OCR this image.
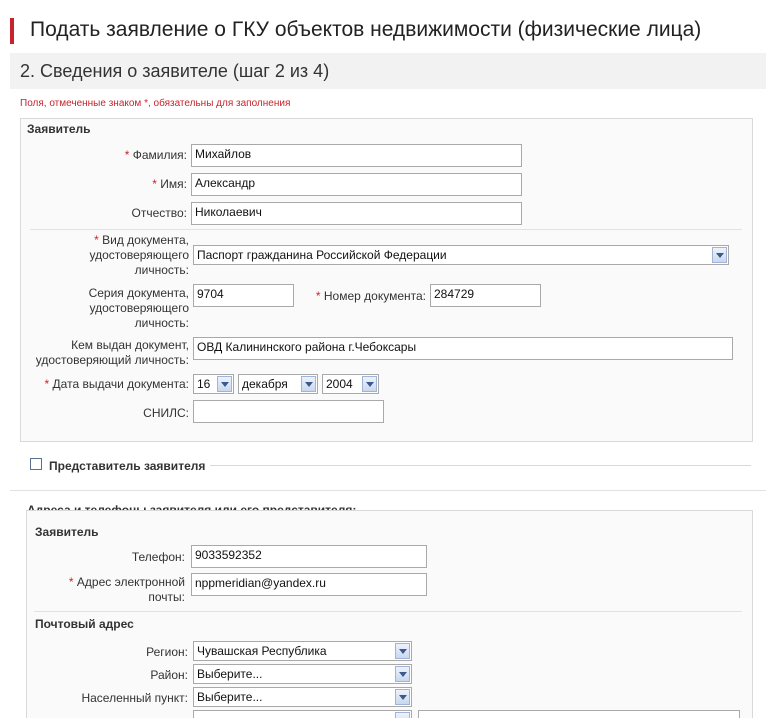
Подать заявление о ГКУ объектов недвижимости (физические лица)
2. Сведения о заявителе (шаг 2 из 4)
Поля, отмеченные знаком *, обязательны для заполнения
Заявитель
* Фамилия: Михайлов
* Имя: Александр
Отчество: Николаевич
* Вид документа,
удостоверяющего
личность:
Паспорт гражданина Российской Федерации
Серия документа,
удостоверяющего
личность:
9704	* Номер документа: 284729
Кем выдан документ,
удостоверяющий личность:
ОВД Калининского района г.Чебоксары
* Дата выдачи документа: 16	декабря	2004
СНИЛС:
Представитель заявителя
Заявитель
Телефон: 9033592352
* Адрес электронной
почты:
nppmeridian@yandex.ru
Почтовый адрес
Регион: Чувашская Республика
Район: Выберите...
Населенный пункт: Выберите...
